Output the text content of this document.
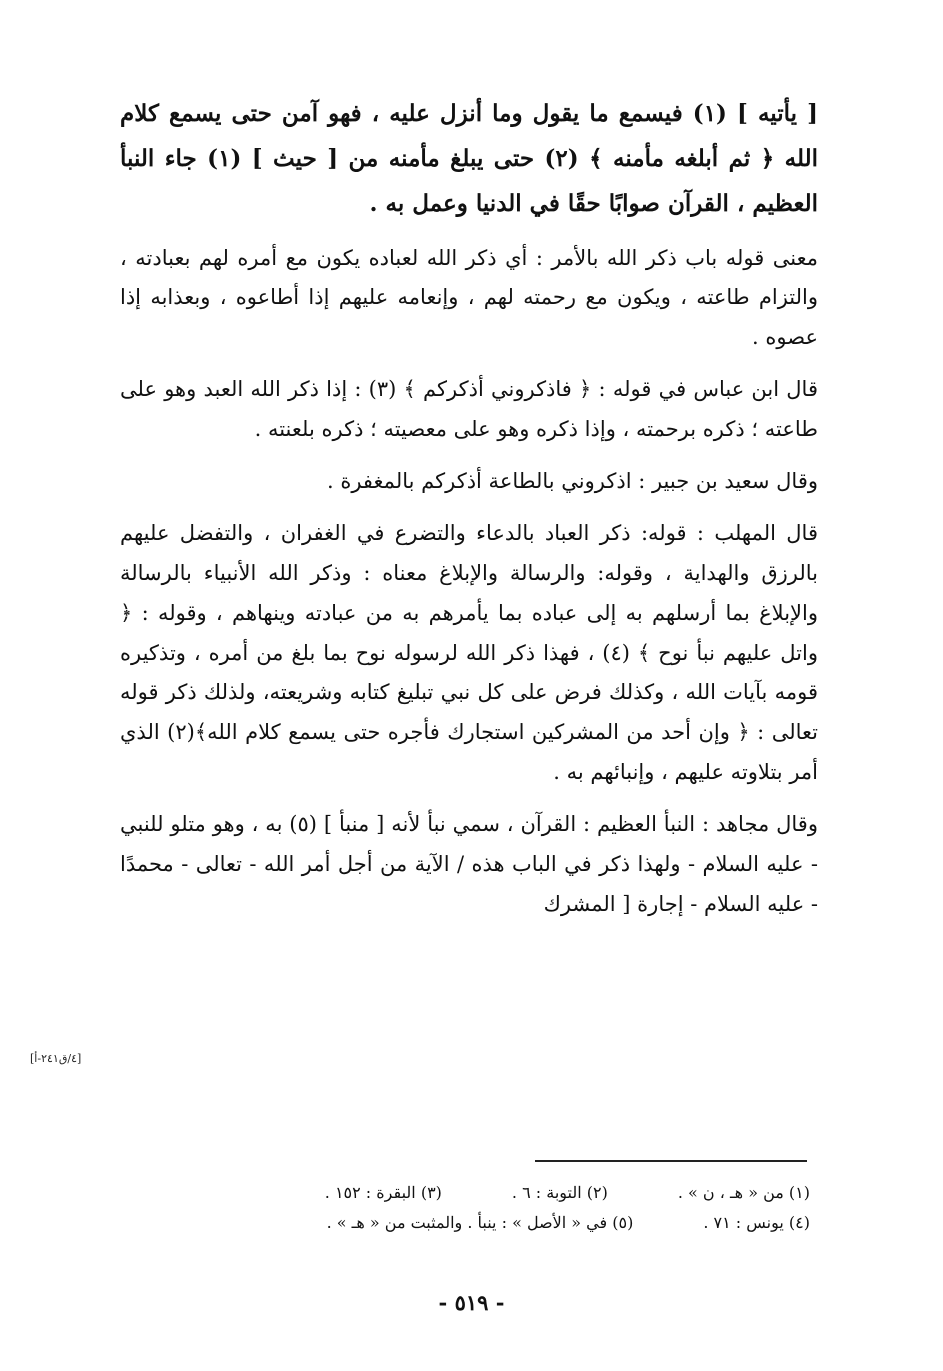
[ يأتيه ] (١) فيسمع ما يقول وما أنزل عليه ، فهو آمن حتى يسمع كلام الله ﴿ ثم أبلغه مأمنه ﴾ (٢) حتى يبلغ مأمنه من [ حيث ] (١) جاء النبأ العظيم ، القرآن صوابًا حقًا في الدنيا وعمل به .

معنى قوله باب ذكر الله بالأمر : أي ذكر الله لعباده يكون مع أمره لهم بعبادته ، والتزام طاعته ، ويكون مع رحمته لهم ، وإنعامه عليهم إذا أطاعوه ، وبعذابه إذا عصوه .

قال ابن عباس في قوله : ﴿ فاذكروني أذكركم ﴾ (٣) : إذا ذكر الله العبد وهو على طاعته ؛ ذكره برحمته ، وإذا ذكره وهو على معصيته ؛ ذكره بلعنته .

وقال سعيد بن جبير : اذكروني بالطاعة أذكركم بالمغفرة .

قال المهلب : قوله: ذكر العباد بالدعاء والتضرع في الغفران ، والتفضل عليهم بالرزق والهداية ، وقوله: والرسالة والإبلاغ معناه : وذكر الله الأنبياء بالرسالة والإبلاغ بما أرسلهم به إلى عباده بما يأمرهم به من عبادته وينهاهم ، وقوله : ﴿ واتل عليهم نبأ نوح ﴾ (٤) ، فهذا ذكر الله لرسوله نوح بما بلغ من أمره ، وتذكيره قومه بآيات الله ، وكذلك فرض على كل نبي تبليغ كتابه وشريعته، ولذلك ذكر قوله تعالى : ﴿ وإن أحد من المشركين استجارك فأجره حتى يسمع كلام الله﴾(٢) الذي أمر بتلاوته عليهم ، وإنبائهم به .

وقال مجاهد : النبأ العظيم : القرآن ، سمي نبأ لأنه [ منبأ ] (٥) به ، وهو متلو للنبي - عليه السلام - ولهذا ذكر في الباب هذه / الآية من أجل أمر الله - تعالى - محمدًا - عليه السلام - إجارة [ المشرك

[٤/ق٢٤١-أ]
(١) من « هـ ، ن » .
(٢) التوبة : ٦ .
(٣) البقرة : ١٥٢ .
(٤) يونس : ٧١ .
(٥) في « الأصل » : ينبأ . والمثبت من « هـ » .
- ٥١٩ -
